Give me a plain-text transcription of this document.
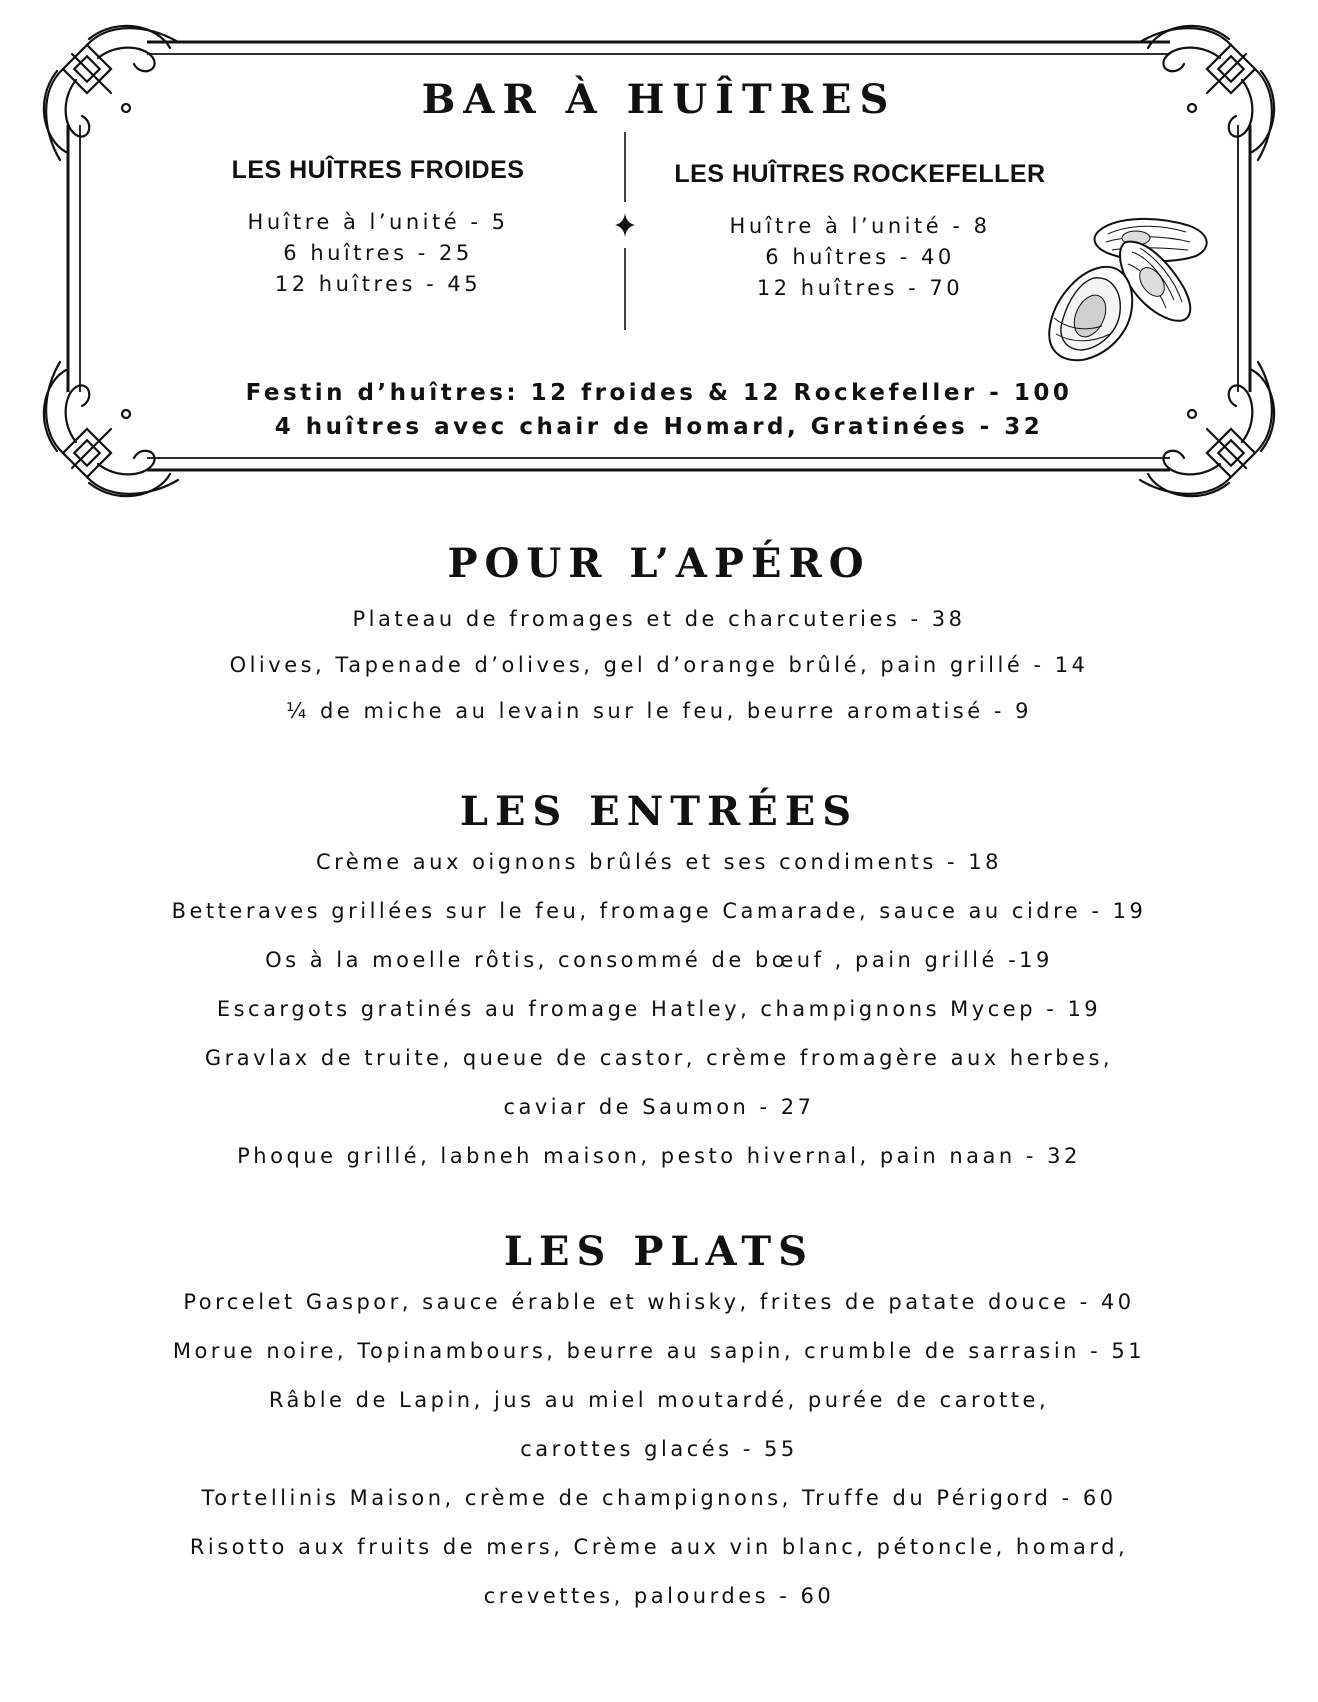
BAR À HUÎTRES
LES HUÎTRES FROIDES
Huître à l’unité - 5
6 huîtres - 25
12 huîtres - 45
LES HUÎTRES ROCKEFELLER
Huître à l’unité - 8
6 huîtres - 40
12 huîtres - 70
Festin d’huîtres: 12 froides & 12 Rockefeller - 100
4 huîtres avec chair de Homard, Gratinées - 32
POUR L’APÉRO
Plateau de fromages et de charcuteries - 38
Olives, Tapenade d’olives, gel d’orange brûlé, pain grillé - 14
¼ de miche au levain sur le feu, beurre aromatisé - 9
LES ENTRÉES
Crème aux oignons brûlés et ses condiments - 18
Betteraves grillées sur le feu, fromage Camarade, sauce au cidre - 19
Os à la moelle rôtis, consommé de bœuf , pain grillé -19
Escargots gratinés au fromage Hatley, champignons Mycep - 19
Gravlax de truite, queue de castor, crème fromagère aux herbes,
caviar de Saumon - 27
Phoque grillé, labneh maison, pesto hivernal, pain naan - 32
LES PLATS
Porcelet Gaspor, sauce érable et whisky, frites de patate douce - 40
Morue noire, Topinambours, beurre au sapin, crumble de sarrasin - 51
Râble de Lapin, jus au miel moutardé, purée de carotte,
carottes glacés - 55
Tortellinis Maison, crème de champignons, Truffe du Périgord - 60
Risotto aux fruits de mers, Crème aux vin blanc, pétoncle, homard,
crevettes, palourdes - 60
